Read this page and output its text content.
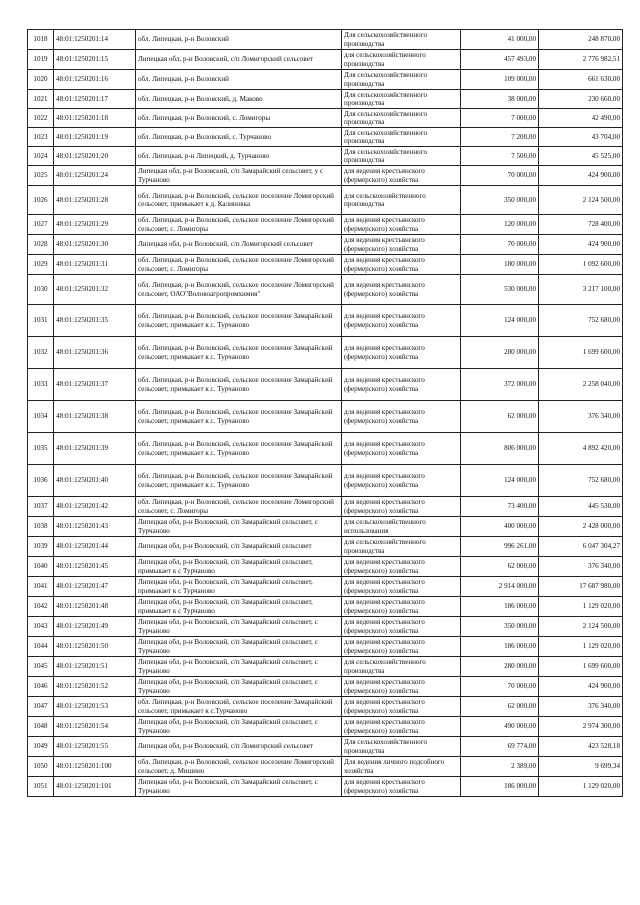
1018	48:01:1250201:14	обл. Липецкая, р-н Воловский	Для сельскохозяйственного производства	41 000,00	248 870,00
1019	48:01:1250201:15	Липецкая обл, р-н Воловский, с/п Ломигорский сельсовет	для сельскохозяйственного производства	457 493,00	2 776 982,51
1020	48:01:1250201:16	обл. Липецкая, р-н Воловский	Для сельскохозяйственного производства	109 000,00	661 630,00
1021	48:01:1250201:17	обл. Липецкая, р-н Воловский, д. Маково	Для сельскохозяйственного производства	38 000,00	230 660,00
1022	48:01:1250201:18	обл. Липецкая, р-н Воловский, с. Ломигоры	Для сельскохозяйственного производства	7 000,00	42 490,00
1023	48:01:1250201:19	обл. Липецкая, р-н Воловский, с. Турчаново	Для сельскохозяйственного производства	7 200,00	43 704,00
1024	48:01:1250201:20	обл. Липецкая, р-н Липецкий, д. Турчаново	Для сельскохозяйственного производства	7 500,00	45 525,00
1025	48:01:1250201:24	Липецкая обл, р-н Воловский, с/п Замарайский сельсовет, у с Турчаново	для ведения крестьянского (фермерского) хозяйства	70 000,00	424 900,00
1026	48:01:1250201:28	обл. Липецкая, р-н Воловский, сельское поселение Ломигорский сельсовет, примыкает к д. Калиновка	для сельскохозяйственного производства	350 000,00	2 124 500,00
1027	48:01:1250201:29	обл. Липецкая, р-н Воловский, сельское поселение Ломигорский сельсовет, с. Ломигоры	для ведения крестьянского (фермерского) хозяйства	120 000,00	728 400,00
1028	48:01:1250201:30	Липецкая обл, р-н Воловский, с/п Ломигорский сельсовет	для ведения крестьянского (фермерского) хозяйства	70 000,00	424 900,00
1029	48:01:1250201:31	обл. Липецкая, р-н Воловский, сельское поселение Ломигорский сельсовет, с. Ломигоры	для ведения крестьянского (фермерского) хозяйства	180 000,00	1 092 600,00
1030	48:01:1250201:32	обл. Липецкая, р-н Воловский, сельское поселение Ломигорский сельсовет, ОАО"Воловоагропромхимия"	для ведения крестьянского (фермерского) хозяйства	530 000,00	3 217 100,00
1031	48:01:1250201:35	обл. Липецкая, р-н Воловский, сельское поселение Замарайский сельсовет, примыкает к с. Турчаново	для ведения крестьянского (фермерского) хозяйства	124 000,00	752 680,00
1032	48:01:1250201:36	обл. Липецкая, р-н Воловский, сельское поселение Замарайский сельсовет, примыкает к с. Турчаново	для ведения крестьянского (фермерского) хозяйства	280 000,00	1 699 600,00
1033	48:01:1250201:37	обл. Липецкая, р-н Воловский, сельское поселение Замарайский сельсовет, примыкает к с. Турчаново	для ведения крестьянского (фермерского) хозяйства	372 000,00	2 258 040,00
1034	48:01:1250201:38	обл. Липецкая, р-н Воловский, сельское поселение Замарайский сельсовет, примыкает к с. Турчаново	для ведения крестьянского (фермерского) хозяйства	62 000,00	376 340,00
1035	48:01:1250201:39	обл. Липецкая, р-н Воловский, сельское поселение Замарайский сельсовет, примыкает к с. Турчаново	для ведения крестьянского (фермерского) хозяйства	806 000,00	4 892 420,00
1036	48:01:1250201:40	обл. Липецкая, р-н Воловский, сельское поселение Замарайский сельсовет, примыкает к с. Турчаново	для ведения крестьянского (фермерского) хозяйства	124 000,00	752 680,00
1037	48:01:1250201:42	обл. Липецкая, р-н Воловский, сельское поселение Ломигорский сельсовет, с. Ломигоры	для ведения крестьянского (фермерского) хозяйства	73 400,00	445 538,00
1038	48:01:1250201:43	Липецкая обл, р-н Воловский, с/п Замарайский сельсовет, с Турчаново	для сельскохозяйственного использования	400 000,00	2 428 000,00
1039	48:01:1250201:44	Липецкая обл, р-н Воловский, с/п Замарайский сельсовет	для сельскохозяйственного производства	996 261,00	6 047 304,27
1040	48:01:1250201:45	Липецкая обл, р-н Воловский, с/п Замарайский сельсовет, примыкает к с Турчаново	для ведения крестьянского (фермерского) хозяйства	62 000,00	376 340,00
1041	48:01:1250201:47	Липецкая обл, р-н Воловский, с/п Замарайский сельсовет, примыкает к с Турчаново	для ведения крестьянского (фермерского) хозяйства	2 914 000,00	17 687 980,00
1042	48:01:1250201:48	Липецкая обл, р-н Воловский, с/п Замарайский сельсовет, примыкает к с Турчаново	для ведения крестьянского (фермерского) хозяйства	186 000,00	1 129 020,00
1043	48:01:1250201:49	Липецкая обл, р-н Воловский, с/п Замарайский сельсовет, с Турчаново	для ведения крестьянского (фермерского) хозяйства	350 000,00	2 124 500,00
1044	48:01:1250201:50	Липецкая обл, р-н Воловский, с/п Замарайский сельсовет, с Турчаново	для ведения крестьянского (фермерского) хозяйства	186 000,00	1 129 020,00
1045	48:01:1250201:51	Липецкая обл, р-н Воловский, с/п Замарайский сельсовет, с Турчаново	для сельскохозяйственного производства	280 000,00	1 699 600,00
1046	48:01:1250201:52	Липецкая обл, р-н Воловский, с/п Замарайский сельсовет, с Турчаново	для ведения крестьянского (фермерского) хозяйства	70 000,00	424 900,00
1047	48:01:1250201:53	обл. Липецкая, р-н Воловский, сельское поселение Замарайский сельсовет, примыкает к с.Турчаново	для ведения крестьянского (фермерского) хозяйства	62 000,00	376 340,00
1048	48:01:1250201:54	Липецкая обл, р-н Воловский, с/п Замарайский сельсовет, с Турчаново	для ведения крестьянского (фермерского) хозяйства	490 000,00	2 974 300,00
1049	48:01:1250201:55	Липецкая обл, р-н Воловский, с/п Ломигорский сельсовет	Для сельскохозяйственного производства	69 774,00	423 528,18
1050	48:01:1250201:100	обл. Липецкая, р-н Воловский, сельское поселение Ломигорский сельсовет, д. Мишино	Для ведения личного подсобного хозяйства	2 389,00	9 699,34
1051	48:01:1250201:101	Липецкая обл, р-н Воловский, с/п Замарайский сельсовет, с Турчаново	для ведения крестьянского (фермерского) хозяйства	186 000,00	1 129 020,00
